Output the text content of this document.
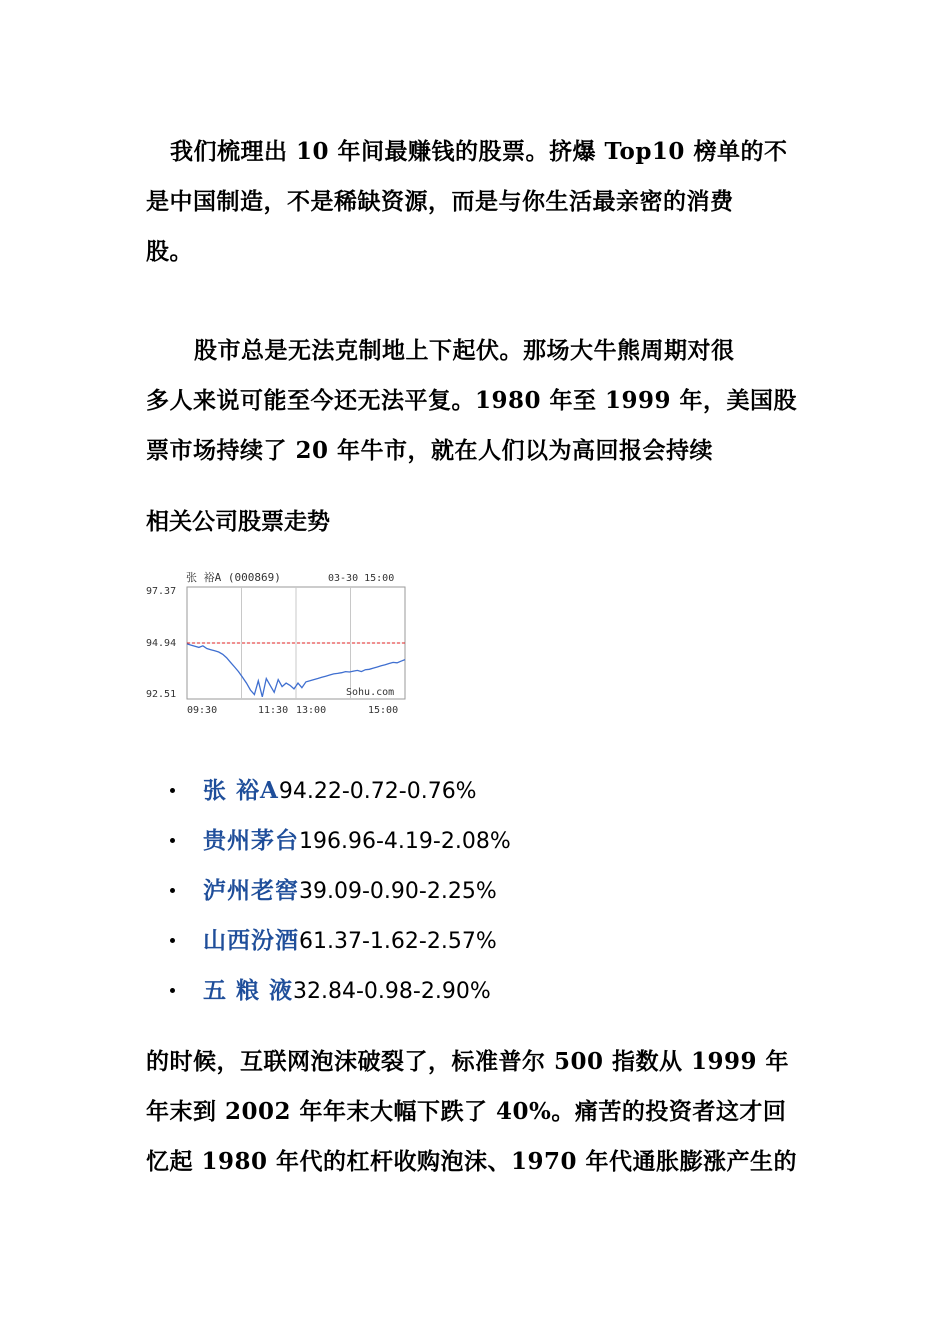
我们梳理出 10 年间最赚钱的股票。挤爆 Top10 榜单的不
是中国制造，不是稀缺资源，而是与你生活最亲密的消费
股。

股市总是无法克制地上下起伏。那场大牛熊周期对很
多人来说可能至今还无法平复。1980 年至 1999 年，美国股
票市场持续了 20 年牛市，就在人们以为高回报会持续

相关公司股票走势

张 裕A (000869)	03-30 15:00
97.37
94.94
92.51
09:30	11:30 13:00	15:00
Sohu.com
张 裕A94.22-0.72-0.76%
贵州茅台196.96-4.19-2.08%
泸州老窖39.09-0.90-2.25%
山西汾酒61.37-1.62-2.57%
五 粮 液32.84-0.98-2.90%

的时候，互联网泡沫破裂了，标准普尔 500 指数从 1999 年
年末到 2002 年年末大幅下跌了 40%。痛苦的投资者这才回
忆起 1980 年代的杠杆收购泡沫、1970 年代通胀膨涨产生的
